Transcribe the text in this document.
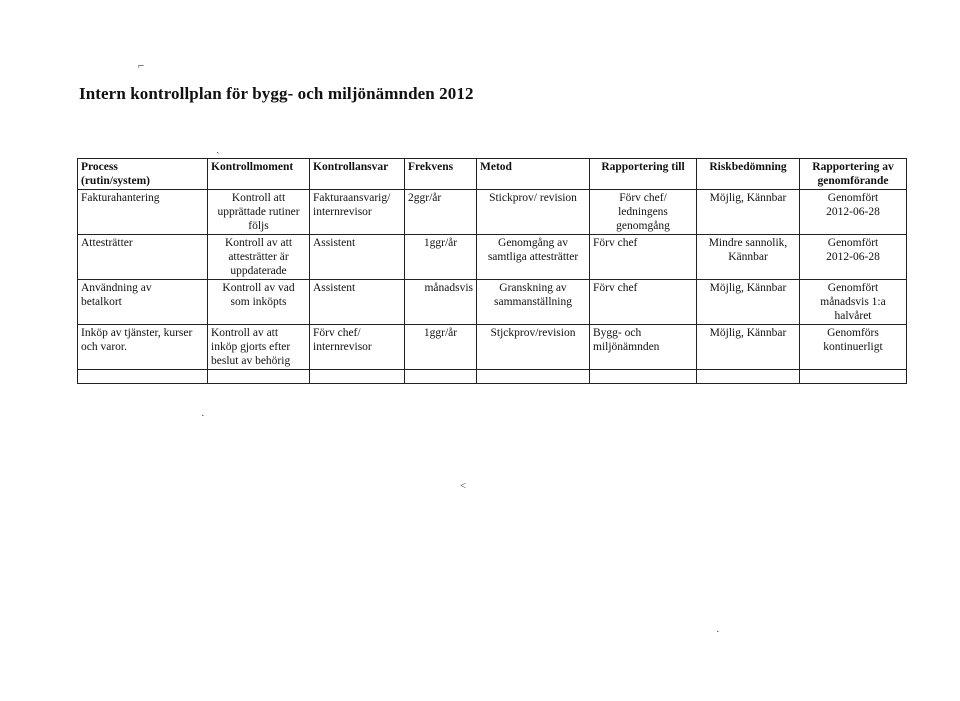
Intern kontrollplan för bygg- och miljönämnden 2012
⌐
ˎ
˂
·
·
Process
(rutin/system)	Kontrollmoment	Kontrollansvar	Frekvens	Metod	Rapportering till	Riskbedömning	Rapportering av
genomförande
Fakturahantering	Kontroll att
upprättade rutiner
följs	Fakturaansvarig/
internrevisor	2ggr/år	Stickprov/ revision	Förv chef/
ledningens
genomgång	Möjlig, Kännbar	Genomfört
2012-06-28
Attesträtter	Kontroll av att
attesträtter är
uppdaterade	Assistent	1ggr/år	Genomgång av
samtliga attesträtter	Förv chef	Mindre sannolik,
Kännbar	Genomfört
2012-06-28
Användning av
betalkort	Kontroll av vad
som inköpts	Assistent	månadsvis	Granskning av
sammanställning	Förv chef	Möjlig, Kännbar	Genomfört
månadsvis 1:a
halvåret
Inköp av tjänster, kurser
och varor.	Kontroll av att
inköp gjorts efter
beslut av behörig	Förv chef/
internrevisor	1ggr/år	Stjckprov/revision	Bygg- och
miljönämnden	Möjlig, Kännbar	Genomförs
kontinuerligt
